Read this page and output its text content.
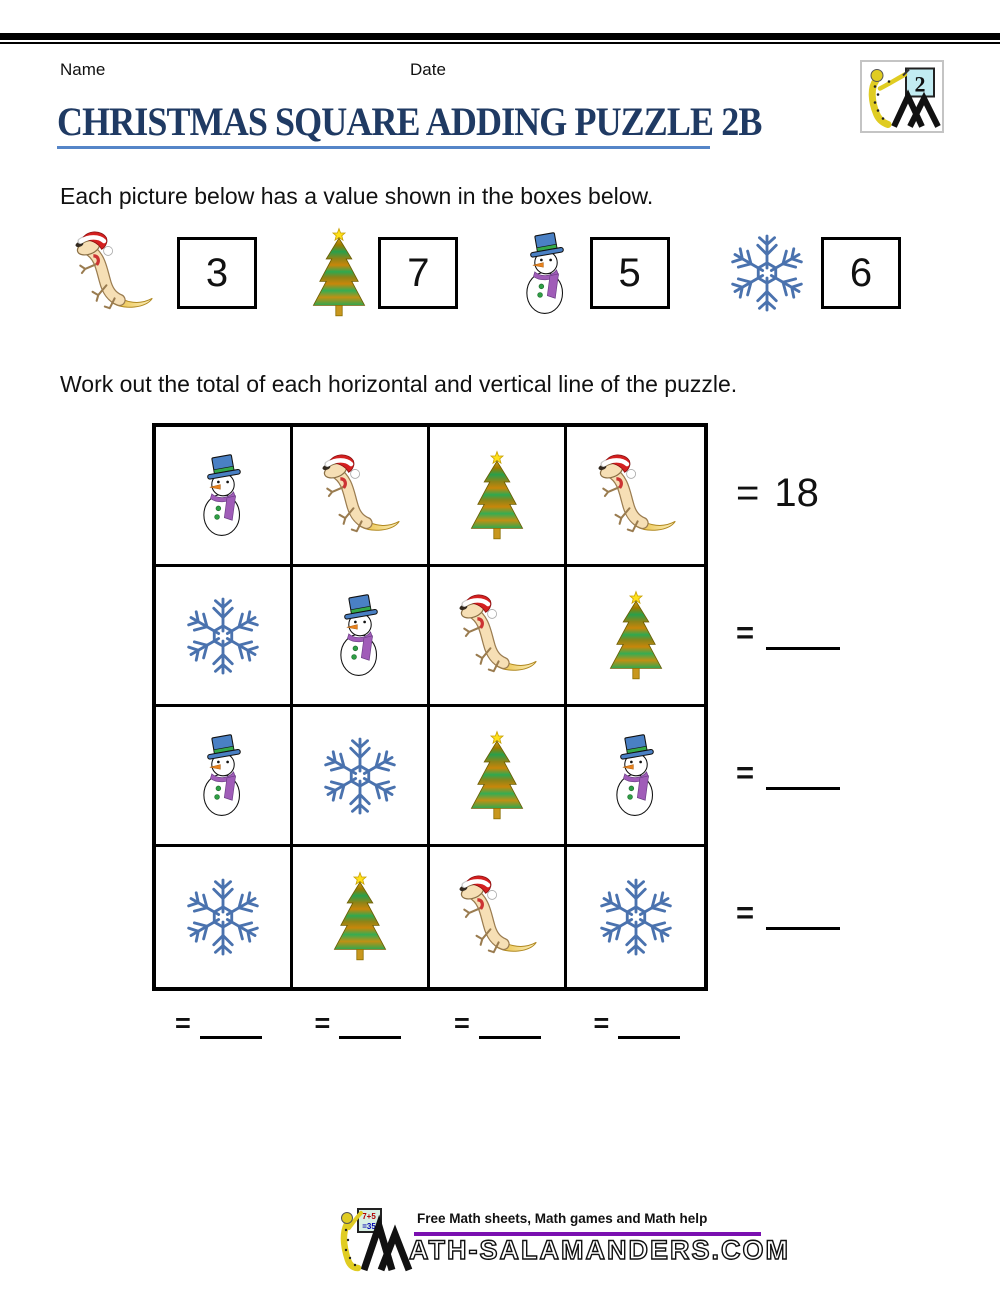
Name	Date
2
CHRISTMAS SQUARE ADDING PUZZLE 2B
Each picture below has a value shown in the boxes below.
3	7	5	6
Work out the total of each horizontal and vertical line of the puzzle.
= 18
=
=
=
=	=	=	=
7+5
=35
Free Math sheets, Math games and Math help
ATH-SALAMANDERS.COM
